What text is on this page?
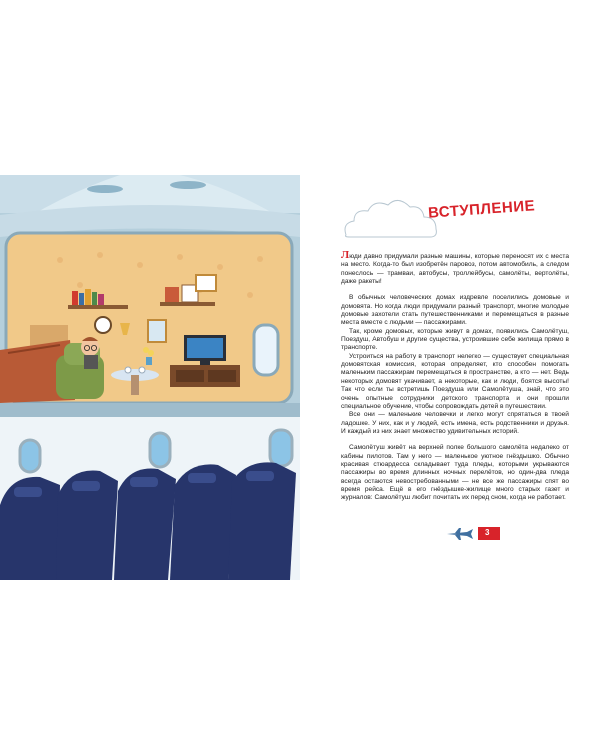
ВСТУПЛЕНИЕ

Люди давно придумали разные машины, которые переносят их с места на место. Когда-то был изобретён паровоз, потом автомобиль, а следом понеслось — трамваи, автобусы, троллейбусы, самолёты, вертолёты, даже ракеты!

В обычных человеческих домах издревле поселились домовые и домовята. Но когда люди придумали разный транспорт, многие молодые домовые захотели стать путешественниками и перемещаться в разные места вместе с людьми — пассажирами.

Так, кроме домовых, которые живут в домах, появились Самолётуш, Поездуш, Автобуш и другие существа, устроившие себе жилища прямо в транспорте.

Устроиться на работу в транспорт нелегко — существует специальная домовятская комиссия, которая определяет, кто способен помогать маленьким пассажирам перемещаться в пространстве, а кто — нет. Ведь некоторых домовят укачивает, а некоторые, как и люди, боятся высоты! Так что если ты встретишь Поездуша или Самолётуша, знай, что это очень опытные сотрудники детского транспорта и они прошли специальное обучение, чтобы сопровождать детей в путешествии.

Все они — маленькие человечки и легко могут спрятаться в твоей ладошке. У них, как и у людей, есть имена, есть родственники и друзья. И каждый из них знает множество удивительных историй.

Самолётуш живёт на верхней полке большого самолёта недалеко от кабины пилотов. Там у него — маленькое уютное гнёздышко. Обычно красивая стюардесса складывает туда пледы, которыми укрываются пассажиры во время длинных ночных перелётов, но один-два пледа всегда остаются невостребованными — не все же пассажиры спят во время рейса. Ещё в его гнёздышке-жилище много старых газет и журналов: Самолётуш любит почитать их перед сном, когда не работает.

3
